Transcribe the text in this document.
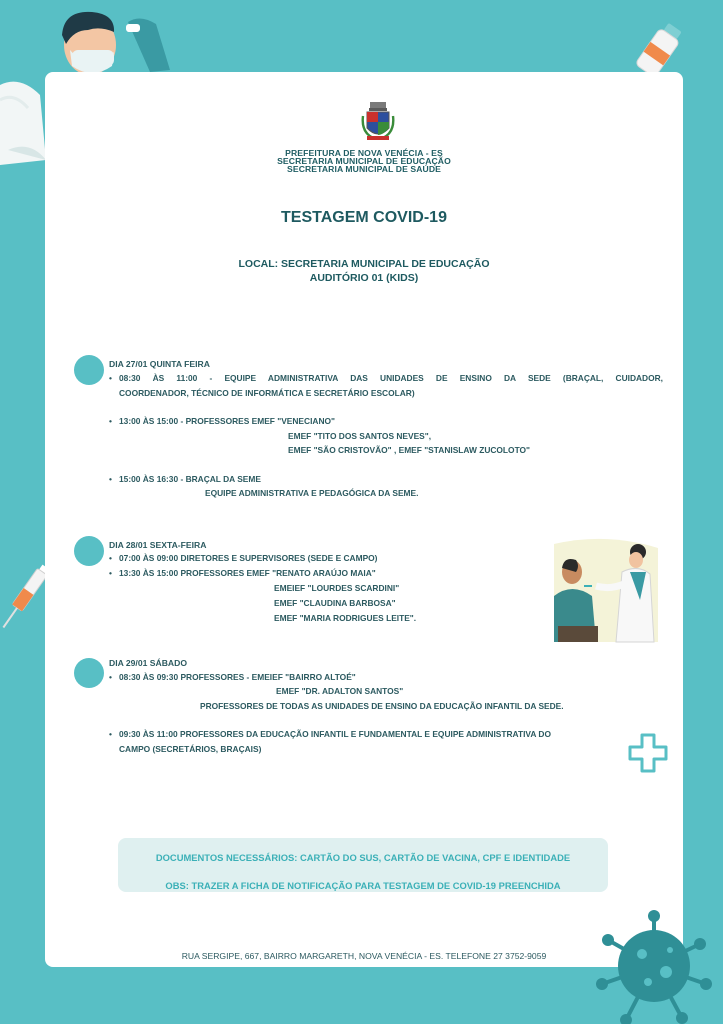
PREFEITURA DE NOVA VENÉCIA - ES
SECRETARIA MUNICIPAL DE EDUCAÇÃO
SECRETARIA MUNICIPAL DE SAÚDE
TESTAGEM COVID-19
LOCAL: SECRETARIA MUNICIPAL DE EDUCAÇÃO
AUDITÓRIO 01 (KIDS)
DIA 27/01 QUINTA FEIRA
• 08:30 ÀS 11:00 - EQUIPE ADMINISTRATIVA DAS UNIDADES DE ENSINO DA SEDE (BRAÇAL, CUIDADOR,
COORDENADOR, TÉCNICO DE INFORMÁTICA E SECRETÁRIO ESCOLAR)
• 13:00 ÀS 15:00 - PROFESSORES EMEF "VENECIANO"
EMEF "TITO DOS SANTOS NEVES",
EMEF "SÃO CRISTOVÃO" , EMEF "STANISLAW ZUCOLOTO"
• 15:00 ÀS 16:30 - BRAÇAL DA SEME
EQUIPE ADMINISTRATIVA E PEDAGÓGICA DA SEME.
DIA 28/01 SEXTA-FEIRA
• 07:00 ÀS 09:00 DIRETORES E SUPERVISORES (SEDE E CAMPO)
• 13:30 ÀS 15:00 PROFESSORES EMEF "RENATO ARAÚJO MAIA"
EMEIEF "LOURDES SCARDINI"
EMEF "CLAUDINA BARBOSA"
EMEF "MARIA RODRIGUES LEITE".
DIA 29/01 SÁBADO
• 08:30 ÀS 09:30 PROFESSORES - EMEIEF "BAIRRO ALTOÉ"
EMEF "DR. ADALTON SANTOS"
PROFESSORES DE TODAS AS UNIDADES DE ENSINO DA EDUCAÇÃO INFANTIL DA SEDE.
• 09:30 ÀS 11:00 PROFESSORES DA EDUCAÇÃO INFANTIL E FUNDAMENTAL E EQUIPE ADMINISTRATIVA DO
CAMPO (SECRETÁRIOS, BRAÇAIS)
DOCUMENTOS NECESSÁRIOS: CARTÃO DO SUS, CARTÃO DE VACINA, CPF E IDENTIDADE
OBS: TRAZER A FICHA DE NOTIFICAÇÃO PARA TESTAGEM DE COVID-19 PREENCHIDA
RUA SERGIPE, 667, BAIRRO MARGARETH, NOVA VENÉCIA - ES. TELEFONE 27 3752-9059
